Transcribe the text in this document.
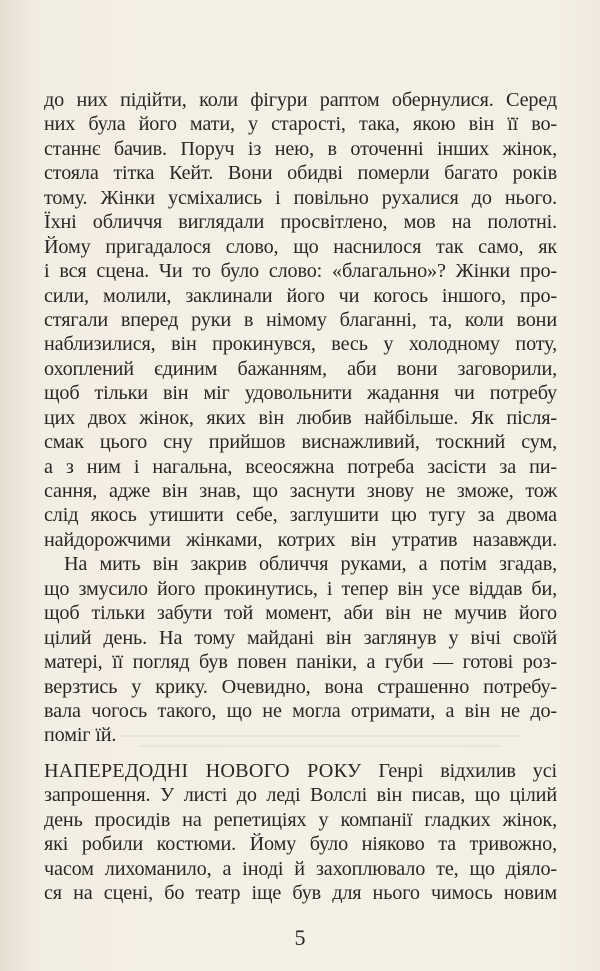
до них підійти, коли фігури раптом обернулися. Серед
них була його мати, у старості, така, якою він її во-
станнє бачив. Поруч із нею, в оточенні інших жінок,
стояла тітка Кейт. Вони обидві померли багато років
тому. Жінки усміхались і повільно рухалися до нього.
Їхні обличчя виглядали просвітлено, мов на полотні.
Йому пригадалося слово, що наснилося так само, як
і вся сцена. Чи то було слово: «благально»? Жінки про-
сили, молили, заклинали його чи когось іншого, про-
стягали вперед руки в німому благанні, та, коли вони
наблизилися, він прокинувся, весь у холодному поту,
охоплений єдиним бажанням, аби вони заговорили,
щоб тільки він міг удовольнити жадання чи потребу
цих двох жінок, яких він любив найбільше. Як після-
смак цього сну прийшов виснажливий, тоскний сум,
а з ним і нагальна, всеосяжна потреба засісти за пи-
сання, адже він знав, що заснути знову не зможе, тож
слід якось утишити себе, заглушити цю тугу за двома
найдорожчими жінками, котрих він утратив назавжди.
На мить він закрив обличчя руками, а потім згадав,
що змусило його прокинутись, і тепер він усе віддав би,
щоб тільки забути той момент, аби він не мучив його
цілий день. На тому майдані він заглянув у вічі своїй
матері, її погляд був повен паніки, а губи — готові роз-
верзтись у крику. Очевидно, вона страшенно потребу-
вала чогось такого, що не могла отримати, а він не до-
поміг їй.
НАПЕРЕДОДНІ НОВОГО РОКУ Генрі відхилив усі
запрошення. У листі до леді Волслі він писав, що цілий
день просидів на репетиціях у компанії гладких жінок,
які робили костюми. Йому було ніяково та тривожно,
часом лихоманило, а іноді й захоплювало те, що діяло-
ся на сцені, бо театр іще був для нього чимось новим
5
